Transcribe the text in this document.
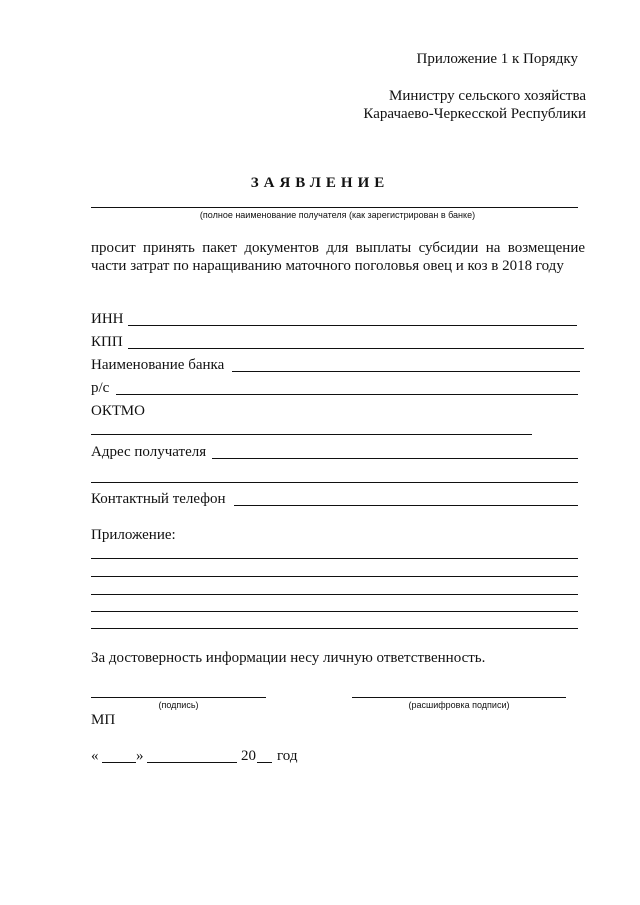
Приложение 1 к Порядку
Министру сельского хозяйства
Карачаево-Черкесской Республики
ЗАЯВЛЕНИЕ
(полное наименование получателя (как зарегистрирован в банке)
просит принять пакет документов для выплаты субсидии на возмещение
части затрат по наращиванию маточного поголовья овец и коз в 2018 году
ИНН
КПП
Наименование банка
р/с
ОКТМО
Адрес получателя
Контактный телефон
Приложение:
За достоверность информации несу личную ответственность.
(подпись)	(расшифровка подписи)
МП
«	»	20 год
